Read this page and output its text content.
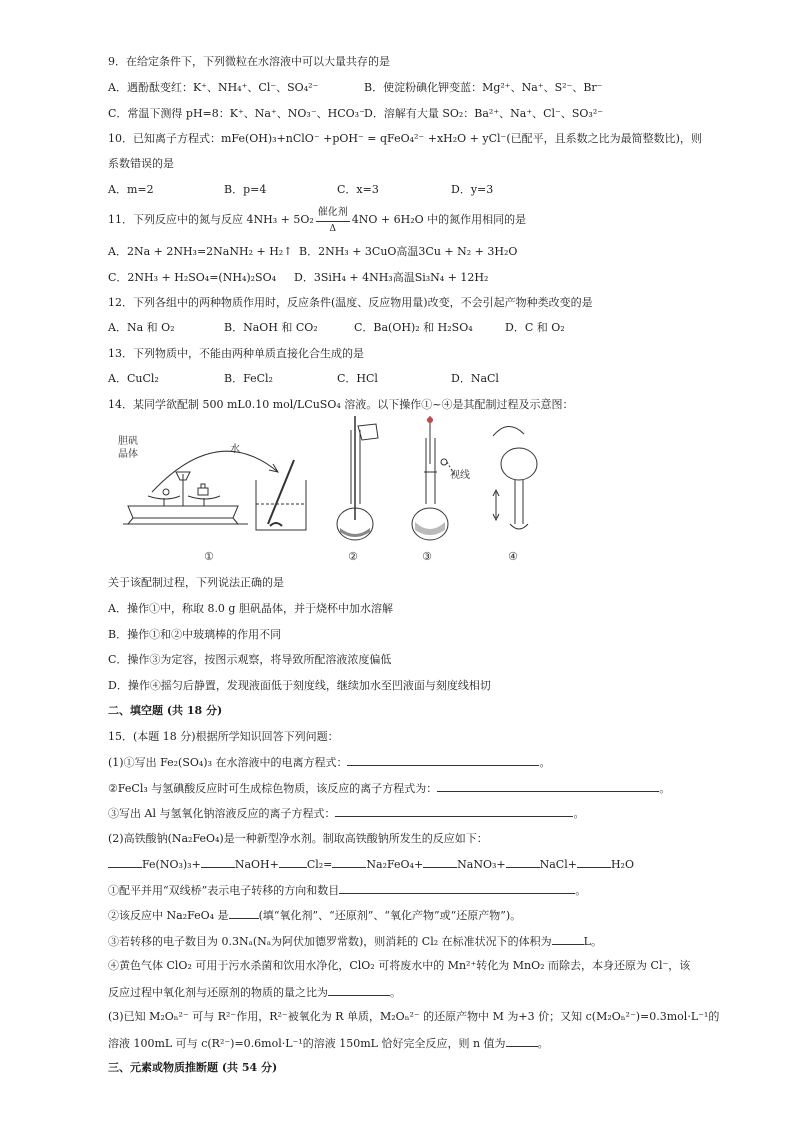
9．在给定条件下，下列微粒在水溶液中可以大量共存的是
A．遇酚酞变红：K⁺、NH₄⁺、Cl⁻、SO₄²⁻	B．使淀粉碘化钾变蓝：Mg²⁺、Na⁺、S²⁻、Br⁻
C．常温下测得 pH=8：K⁺、Na⁺、NO₃⁻、HCO₃⁻ D．溶解有大量 SO₂：Ba²⁺、Na⁺、Cl⁻、SO₃²⁻
10．已知离子方程式：mFe(OH)₃+nClO⁻ +pOH⁻ = qFeO₄²⁻ +xH₂O + yCl⁻(已配平，且系数之比为最简整数比)，则
系数错误的是
A．m=2	B．p=4	C．x=3	D．y=3
11．下列反应中的氮与反应 4NH₃ + 5O₂
催化剂
Δ
4NO + 6H₂O 中的氮作用相同的是
A．2Na + 2NH₃=2NaNH₂ + H₂↑ B．2NH₃ + 3CuO高温3Cu + N₂ + 3H₂O
C．2NH₃ + H₂SO₄=(NH₄)₂SO₄ D．3SiH₄ + 4NH₃高温Si₃N₄ + 12H₂
12．下列各组中的两种物质作用时，反应条件(温度、反应物用量)改变，不会引起产物种类改变的是
A．Na 和 O₂	B．NaOH 和 CO₂	C．Ba(OH)₂ 和 H₂SO₄	D．C 和 O₂
13．下列物质中，不能由两种单质直接化合生成的是
A．CuCl₂	B．FeCl₂	C．HCl	D．NaCl
14．某同学欲配制 500 mL0.10 mol/LCuSO₄ 溶液。以下操作①~④是其配制过程及示意图：
胆矾
晶体	水
视线
①	②	③	④
关于该配制过程，下列说法正确的是
A．操作①中，称取 8.0 g 胆矾晶体，并于烧杯中加水溶解
B．操作①和②中玻璃棒的作用不同
C．操作③为定容，按图示观察，将导致所配溶液浓度偏低
D．操作④摇匀后静置，发现液面低于刻度线，继续加水至凹液面与刻度线相切
二、填空题 (共 18 分)
15．(本题 18 分)根据所学知识回答下列问题：
(1)①写出 Fe₂(SO₄)₃ 在水溶液中的电离方程式：	。
②FeCl₃ 与氢碘酸反应时可生成棕色物质，该反应的离子方程式为：	。
③写出 Al 与氢氧化钠溶液反应的离子方程式：	。
(2)高铁酸钠(Na₂FeO₄)是一种新型净水剂。制取高铁酸钠所发生的反应如下：
Fe(NO₃)₃+	NaOH+	Cl₂=	Na₂FeO₄+	NaNO₃+	NaCl+	H₂O
①配平并用“双线桥”表示电子转移的方向和数目	。
②该反应中 Na₂FeO₄ 是	(填“氧化剂”、“还原剂”、“氧化产物”或“还原产物”)。
③若转移的电子数目为 0.3Nₐ(Nₐ为阿伏加德罗常数)，则消耗的 Cl₂ 在标准状况下的体积为	L。
④黄色气体 ClO₂ 可用于污水杀菌和饮用水净化，ClO₂ 可将废水中的 Mn²⁺转化为 MnO₂ 而除去，本身还原为 Cl⁻，该
反应过程中氧化剂与还原剂的物质的量之比为	。
(3)已知 M₂Oₙ²⁻ 可与 R²⁻作用，R²⁻被氧化为 R 单质，M₂Oₙ²⁻ 的还原产物中 M 为+3 价；又知 c(M₂Oₙ²⁻)=0.3mol·L⁻¹的
溶液 100mL 可与 c(R²⁻)=0.6mol·L⁻¹的溶液 150mL 恰好完全反应，则 n 值为	。
三、元素或物质推断题 (共 54 分)
